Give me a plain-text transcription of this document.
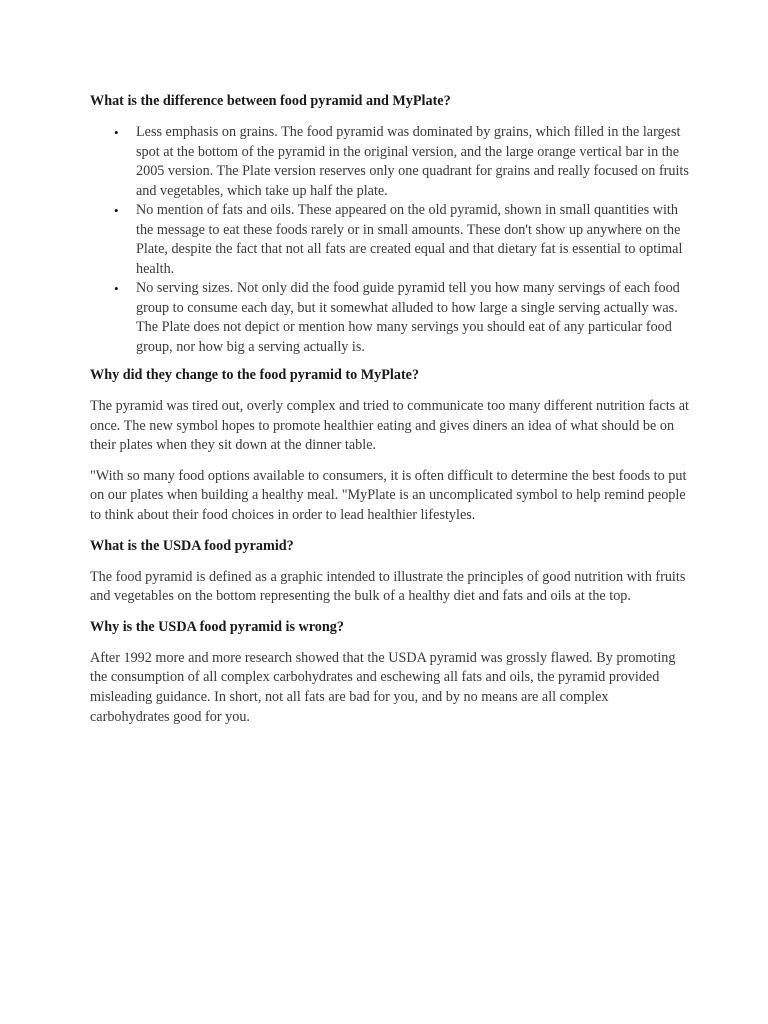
What is the difference between food pyramid and MyPlate?

• Less emphasis on grains. The food pyramid was dominated by grains, which filled in the largest spot at the bottom of the pyramid in the original version, and the large orange vertical bar in the 2005 version. The Plate version reserves only one quadrant for grains and really focused on fruits and vegetables, which take up half the plate.
• No mention of fats and oils. These appeared on the old pyramid, shown in small quantities with the message to eat these foods rarely or in small amounts. These don't show up anywhere on the Plate, despite the fact that not all fats are created equal and that dietary fat is essential to optimal health.
• No serving sizes. Not only did the food guide pyramid tell you how many servings of each food group to consume each day, but it somewhat alluded to how large a single serving actually was. The Plate does not depict or mention how many servings you should eat of any particular food group, nor how big a serving actually is.

Why did they change to the food pyramid to MyPlate?

The pyramid was tired out, overly complex and tried to communicate too many different nutrition facts at once. The new symbol hopes to promote healthier eating and gives diners an idea of what should be on their plates when they sit down at the dinner table.

"With so many food options available to consumers, it is often difficult to determine the best foods to put on our plates when building a healthy meal. "MyPlate is an uncomplicated symbol to help remind people to think about their food choices in order to lead healthier lifestyles.

What is the USDA food pyramid?

The food pyramid is defined as a graphic intended to illustrate the principles of good nutrition with fruits and vegetables on the bottom representing the bulk of a healthy diet and fats and oils at the top.

Why is the USDA food pyramid is wrong?

After 1992 more and more research showed that the USDA pyramid was grossly flawed. By promoting the consumption of all complex carbohydrates and eschewing all fats and oils, the pyramid provided misleading guidance. In short, not all fats are bad for you, and by no means are all complex carbohydrates good for you.
